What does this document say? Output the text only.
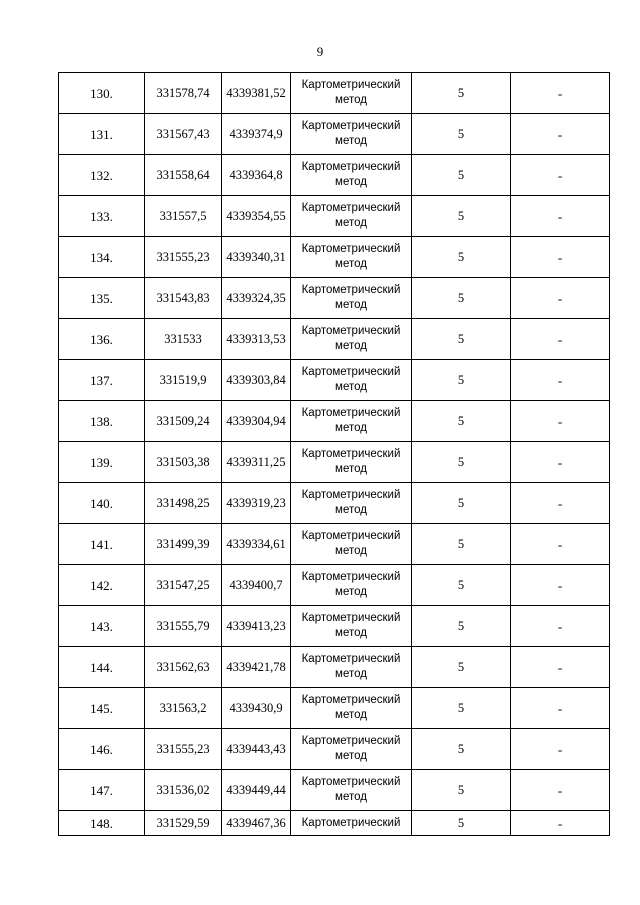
9
130.	331578,74	4339381,52	Картометрический метод	5	-
131.	331567,43	4339374,9	Картометрический метод	5	-
132.	331558,64	4339364,8	Картометрический метод	5	-
133.	331557,5	4339354,55	Картометрический метод	5	-
134.	331555,23	4339340,31	Картометрический метод	5	-
135.	331543,83	4339324,35	Картометрический метод	5	-
136.	331533	4339313,53	Картометрический метод	5	-
137.	331519,9	4339303,84	Картометрический метод	5	-
138.	331509,24	4339304,94	Картометрический метод	5	-
139.	331503,38	4339311,25	Картометрический метод	5	-
140.	331498,25	4339319,23	Картометрический метод	5	-
141.	331499,39	4339334,61	Картометрический метод	5	-
142.	331547,25	4339400,7	Картометрический метод	5	-
143.	331555,79	4339413,23	Картометрический метод	5	-
144.	331562,63	4339421,78	Картометрический метод	5	-
145.	331563,2	4339430,9	Картометрический метод	5	-
146.	331555,23	4339443,43	Картометрический метод	5	-
147.	331536,02	4339449,44	Картометрический метод	5	-
148.	331529,59	4339467,36	Картометрический	5	-
